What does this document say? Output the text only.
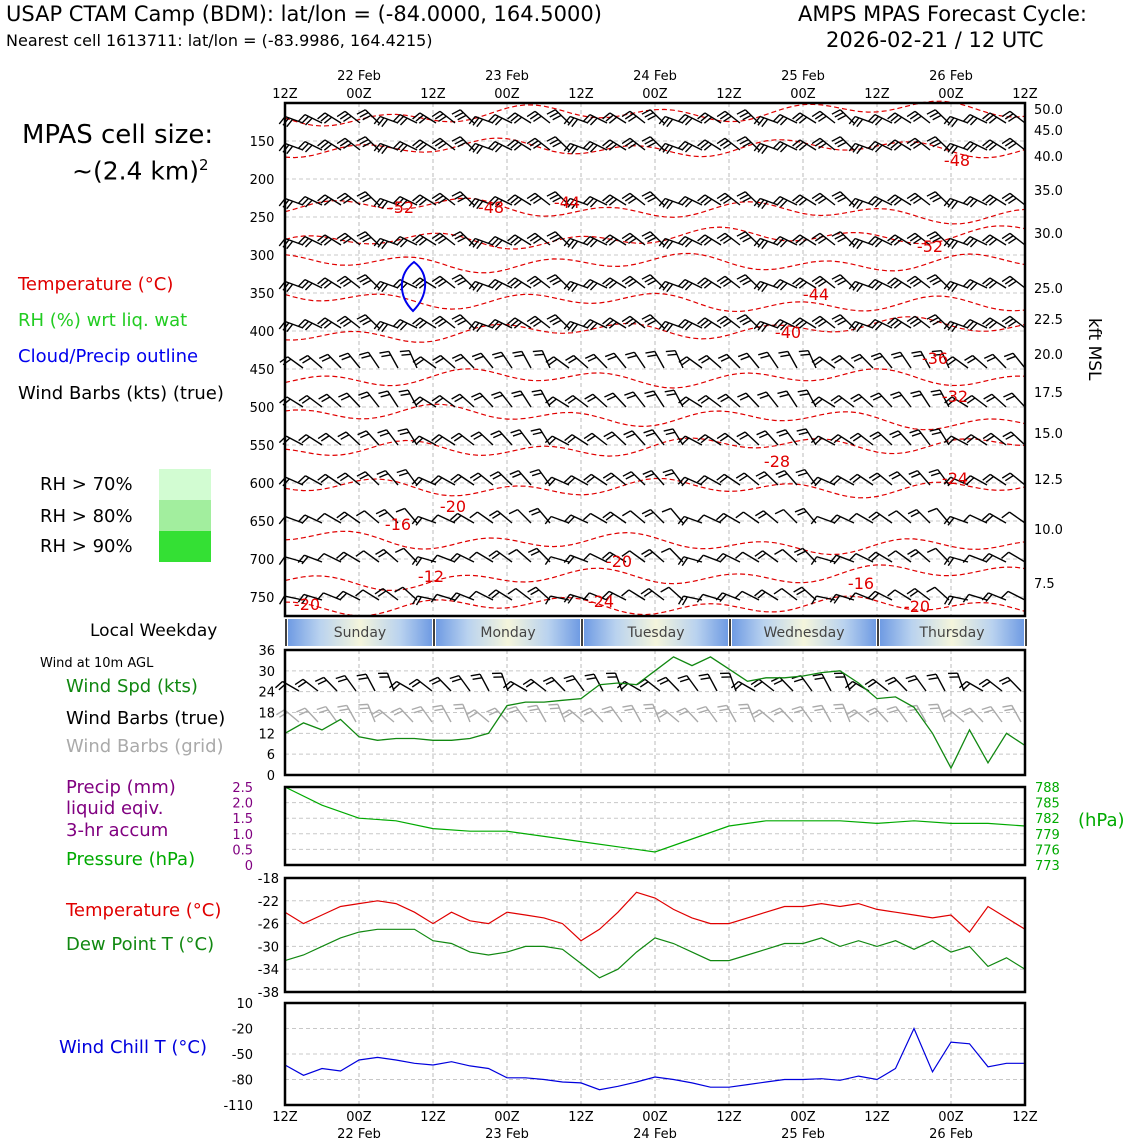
USAP CTAM Camp (BDM): lat/lon = (-84.0000, 164.5000)
Nearest cell 1613711: lat/lon = (-83.9986, 164.4215)
AMPS MPAS Forecast Cycle:
2026-02-21 / 12 UTC
MPAS cell size:
~(2.4 km)$^2$
Temperature (°C)
RH (%) wrt liq. wat
Cloud/Precip outline
Wind Barbs (kts) (true)
RH > 70%
RH > 80%
RH > 90%
Local Weekday
Wind at 10m AGL
Wind Spd (kts)
Wind Barbs (true)
Wind Barbs (grid)
Precip (mm)
liquid eqiv.
3-hr accum
Pressure (hPa)
Temperature (°C)
Dew Point T (°C)
Wind Chill T (°C)
(hPa)
kft MSL
150
200
250
300
350
400
450
500
550
600
650
700
750
50.0
45.0
40.0
35.0
30.0
25.0
22.5
20.0
17.5
15.0
12.5
10.0
7.5
-48
-52	-48	-44
-52
-44
-40
-36
-32
-28
-24
-20
-16
-12
-20
-24
-16
-20	-20
12Z	00Z	12Z	00Z	12Z	00Z	12Z	00Z	12Z	00Z	12Z
22 Feb	23 Feb	24 Feb	25 Feb	26 Feb
Sunday	Monday	Tuesday	Wednesday	Thursday
0
6
12
18
24
30
36
0
0.5
1.0
1.5
2.0
2.5
773
776
779
782
785
788
-38
-34
-30
-26
-22
-18
10
-20
-50
-80
-110
12Z	00Z	12Z	00Z	12Z	00Z	12Z	00Z	12Z	00Z	12Z
22 Feb	23 Feb	24 Feb	25 Feb	26 Feb
